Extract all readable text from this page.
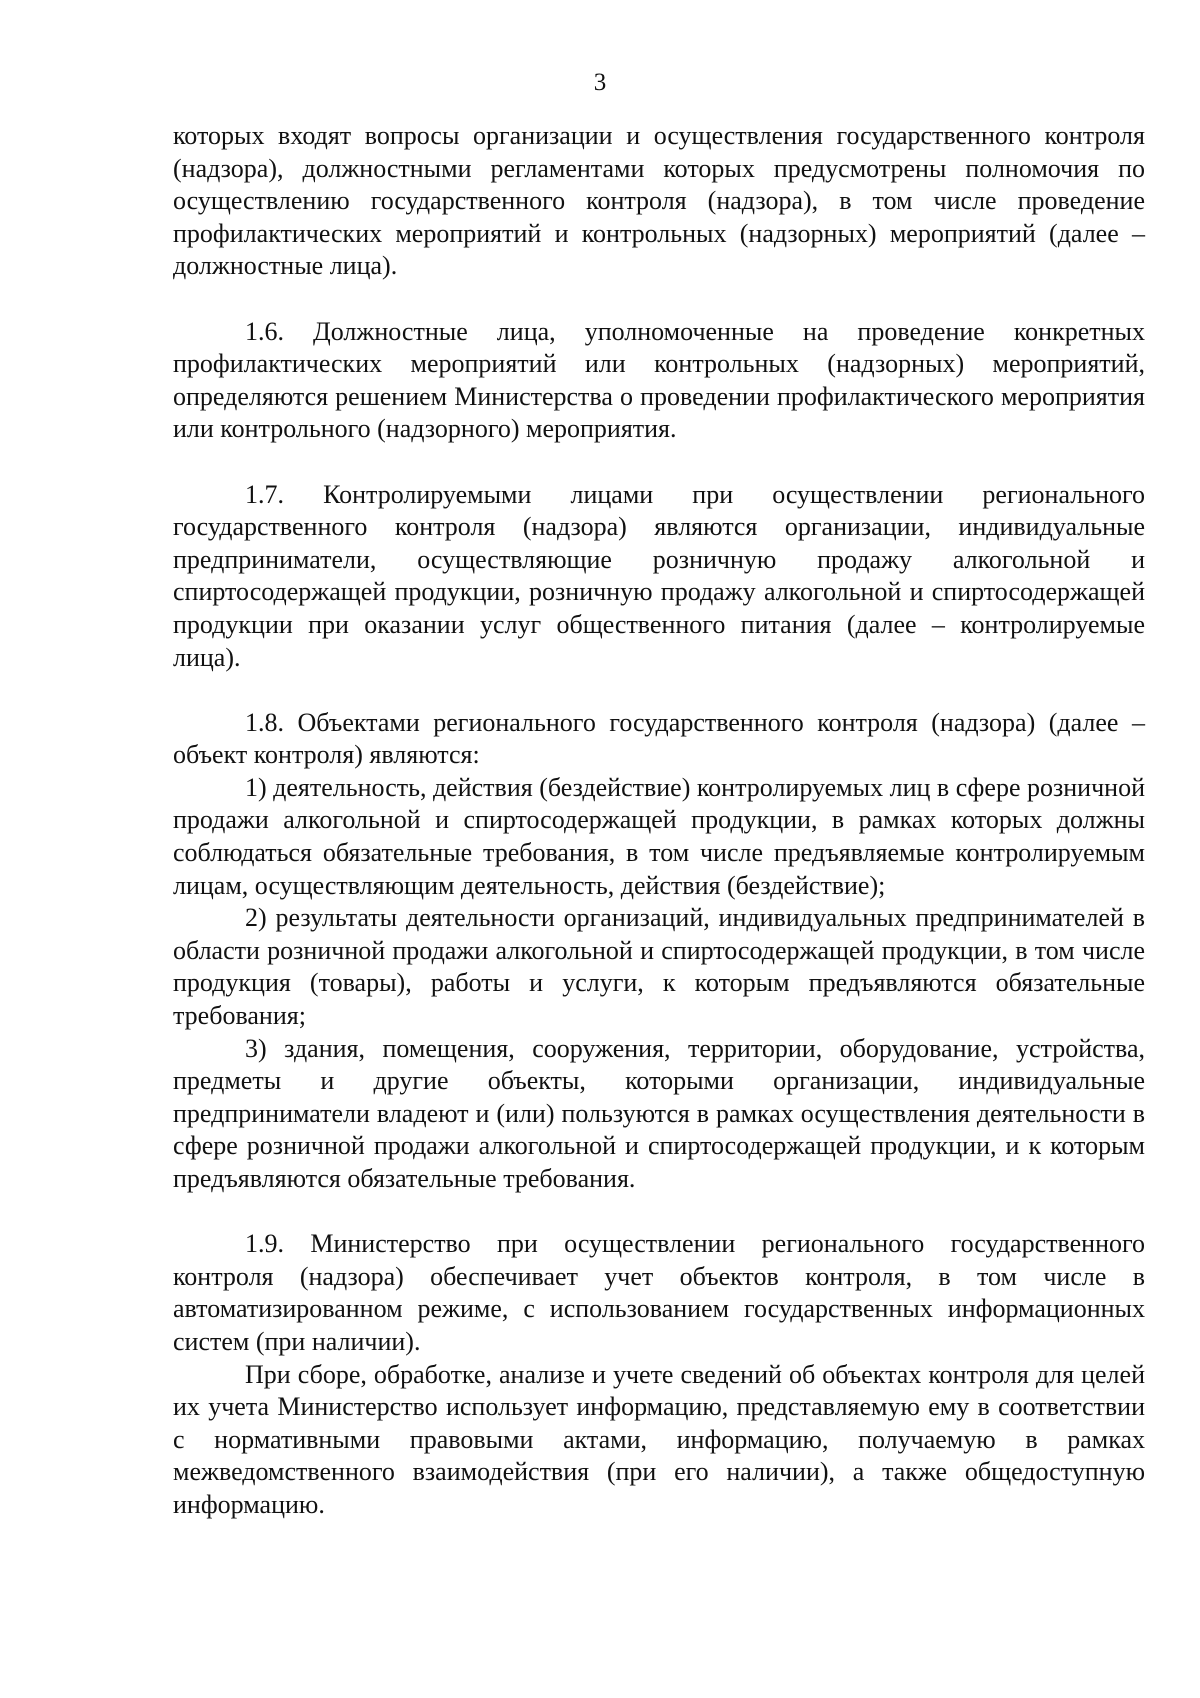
3

которых входят вопросы организации и осуществления государственного контроля (надзора), должностными регламентами которых предусмотрены полномочия по осуществлению государственного контроля (надзора), в том числе проведение профилактических мероприятий и контрольных (надзорных) мероприятий (далее – должностные лица).

1.6. Должностные лица, уполномоченные на проведение конкретных профилактических мероприятий или контрольных (надзорных) мероприятий, определяются решением Министерства о проведении профилактического мероприятия или контрольного (надзорного) мероприятия.

1.7. Контролируемыми лицами при осуществлении регионального государственного контроля (надзора) являются организации, индивидуальные предприниматели, осуществляющие розничную продажу алкогольной и спиртосодержащей продукции, розничную продажу алкогольной и спиртосодержащей продукции при оказании услуг общественного питания (далее – контролируемые лица).

1.8. Объектами регионального государственного контроля (надзора) (далее – объект контроля) являются:

1) деятельность, действия (бездействие) контролируемых лиц в сфере розничной продажи алкогольной и спиртосодержащей продукции, в рамках которых должны соблюдаться обязательные требования, в том числе предъявляемые контролируемым лицам, осуществляющим деятельность, действия (бездействие);

2) результаты деятельности организаций, индивидуальных предпринимателей в области розничной продажи алкогольной и спиртосодержащей продукции, в том числе продукция (товары), работы и услуги, к которым предъявляются обязательные требования;

3) здания, помещения, сооружения, территории, оборудование, устройства, предметы и другие объекты, которыми организации, индивидуальные предприниматели владеют и (или) пользуются в рамках осуществления деятельности в сфере розничной продажи алкогольной и спиртосодержащей продукции, и к которым предъявляются обязательные требования.

1.9. Министерство при осуществлении регионального государственного контроля (надзора) обеспечивает учет объектов контроля, в том числе в автоматизированном режиме, с использованием государственных информационных систем (при наличии).

При сборе, обработке, анализе и учете сведений об объектах контроля для целей их учета Министерство использует информацию, представляемую ему в соответствии с нормативными правовыми актами, информацию, получаемую в рамках межведомственного взаимодействия (при его наличии), а также общедоступную информацию.
